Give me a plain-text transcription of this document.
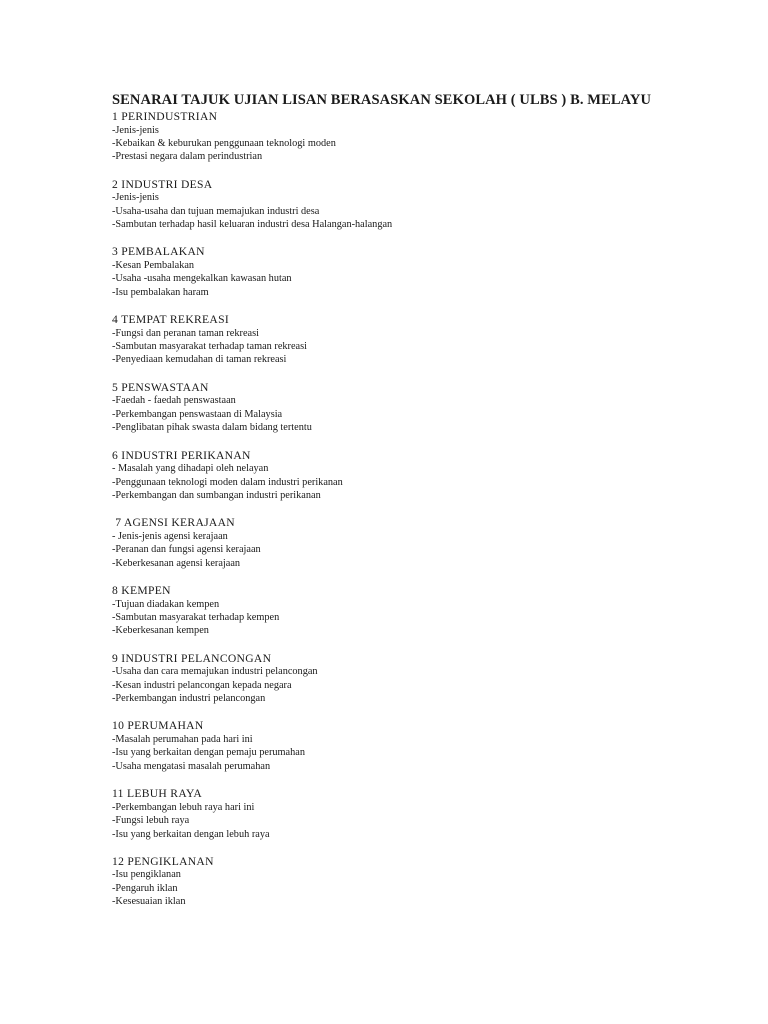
SENARAI TAJUK UJIAN LISAN BERASASKAN SEKOLAH ( ULBS ) B. MELAYU
1 PERINDUSTRIAN
-Jenis-jenis
-Kebaikan & keburukan penggunaan teknologi moden
-Prestasi negara dalam perindustrian
2 INDUSTRI DESA
-Jenis-jenis
-Usaha-usaha dan tujuan memajukan industri desa
-Sambutan terhadap hasil keluaran industri desa Halangan-halangan
3 PEMBALAKAN
-Kesan Pembalakan
-Usaha -usaha mengekalkan kawasan hutan
-Isu pembalakan haram
4 TEMPAT REKREASI
-Fungsi dan peranan taman rekreasi
-Sambutan masyarakat terhadap taman rekreasi
-Penyediaan kemudahan di taman rekreasi
5 PENSWASTAAN
-Faedah - faedah penswastaan
-Perkembangan penswastaan di Malaysia
-Penglibatan pihak swasta dalam bidang tertentu
6 INDUSTRI PERIKANAN
- Masalah yang dihadapi oleh nelayan
-Penggunaan teknologi moden dalam industri perikanan
-Perkembangan dan sumbangan industri perikanan
7 AGENSI KERAJAAN
- Jenis-jenis agensi kerajaan
-Peranan dan fungsi agensi kerajaan
-Keberkesanan agensi kerajaan
8 KEMPEN
-Tujuan diadakan kempen
-Sambutan masyarakat terhadap kempen
-Keberkesanan kempen
9 INDUSTRI PELANCONGAN
-Usaha dan cara memajukan industri pelancongan
-Kesan industri pelancongan kepada negara
-Perkembangan industri pelancongan
10 PERUMAHAN
-Masalah perumahan pada hari ini
-Isu yang berkaitan dengan pemaju perumahan
-Usaha mengatasi masalah perumahan
11 LEBUH RAYA
-Perkembangan lebuh raya hari ini
-Fungsi lebuh raya
-Isu yang berkaitan dengan lebuh raya
12 PENGIKLANAN
-Isu pengiklanan
-Pengaruh iklan
-Kesesuaian iklan
